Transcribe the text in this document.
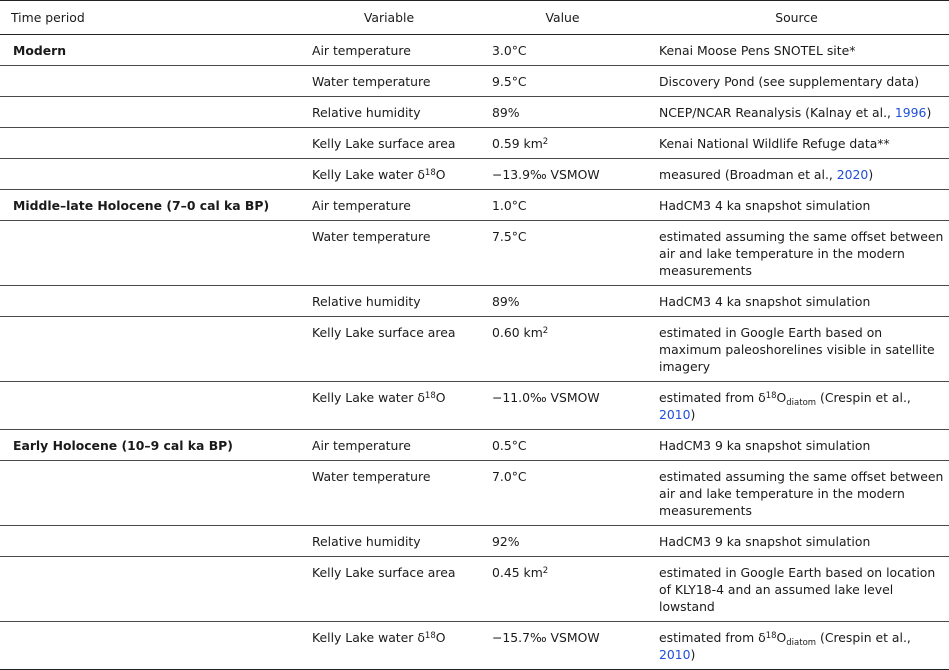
Time period	Variable	Value	Source
Modern	Air temperature	3.0°C	Kenai Moose Pens SNOTEL site*
	Water temperature	9.5°C	Discovery Pond (see supplementary data)
	Relative humidity	89%	NCEP/NCAR Reanalysis (Kalnay et al., 1996)
	Kelly Lake surface area	0.59 $km^2$	Kenai National Wildlife Refuge data**
	Kelly Lake water $\delta^{18}O$	−13.9‰ VSMOW	measured (Broadman et al., 2020)
Middle–late Holocene (7–0 cal ka BP)	Air temperature	1.0°C	HadCM3 4 ka snapshot simulation
	Water temperature	7.5°C	estimated assuming the same offset between air and lake temperature in the modern measurements
	Relative humidity	89%	HadCM3 4 ka snapshot simulation
	Kelly Lake surface area	0.60 $km^2$	estimated in Google Earth based on maximum paleoshorelines visible in satellite imagery
	Kelly Lake water $\delta^{18}O$	−11.0‰ VSMOW	estimated from $\delta^{18}O_{diatom}$ (Crespin et al., 2010)
Early Holocene (10–9 cal ka BP)	Air temperature	0.5°C	HadCM3 9 ka snapshot simulation
	Water temperature	7.0°C	estimated assuming the same offset between air and lake temperature in the modern measurements
	Relative humidity	92%	HadCM3 9 ka snapshot simulation
	Kelly Lake surface area	0.45 $km^2$	estimated in Google Earth based on location of KLY18-4 and an assumed lake level lowstand
	Kelly Lake water $\delta^{18}O$	−15.7‰ VSMOW	estimated from $\delta^{18}O_{diatom}$ (Crespin et al., 2010)
